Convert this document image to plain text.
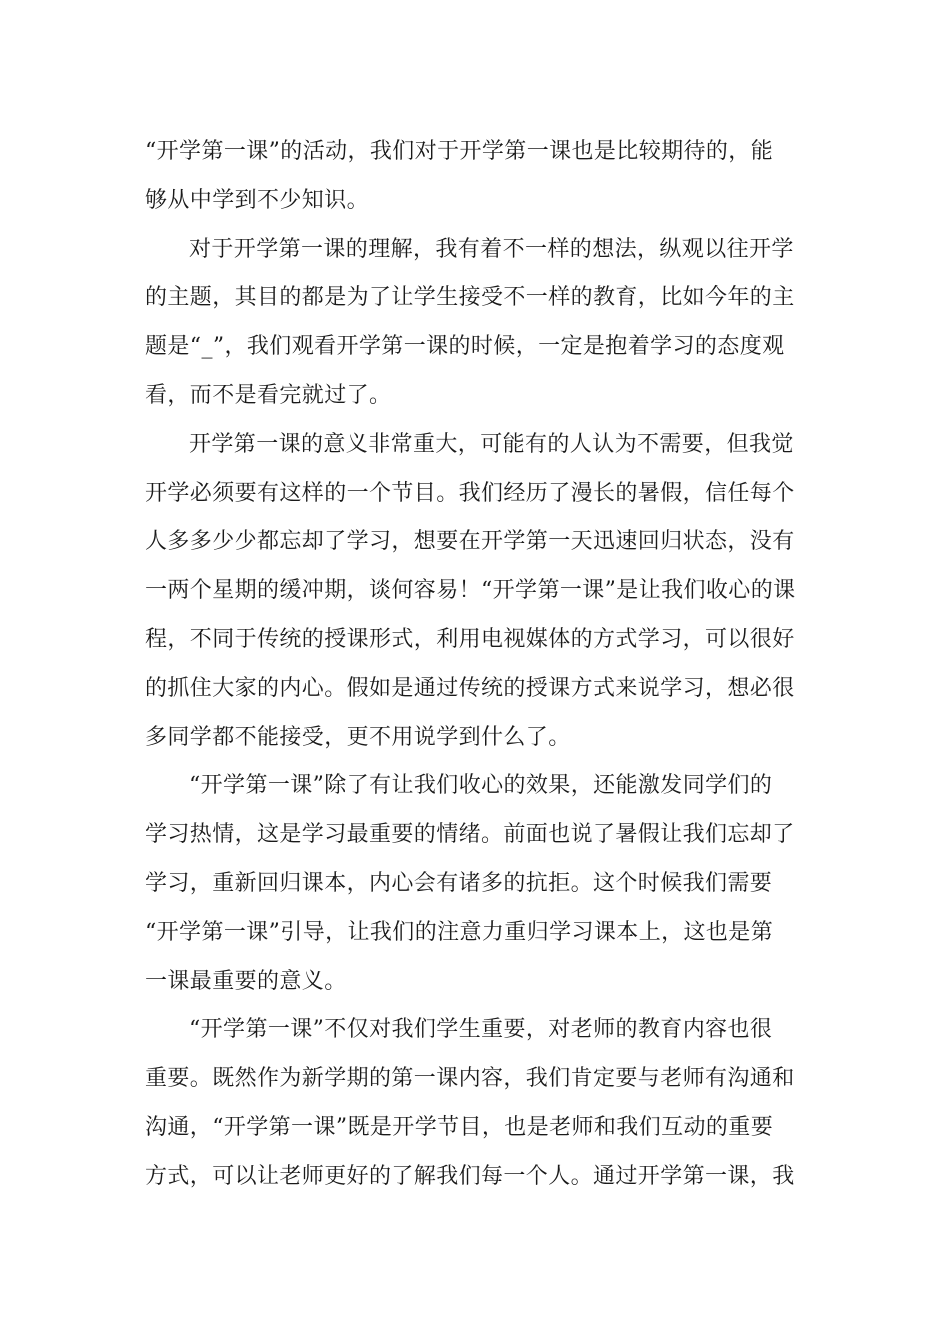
“开学第一课”的活动，我们对于开学第一课也是比较期待的，能
够从中学到不少知识。

对于开学第一课的理解，我有着不一样的想法，纵观以往开学
的主题，其目的都是为了让学生接受不一样的教育，比如今年的主
题是“_”，我们观看开学第一课的时候，一定是抱着学习的态度观
看，而不是看完就过了。

开学第一课的意义非常重大，可能有的人认为不需要，但我觉
开学必须要有这样的一个节目。我们经历了漫长的暑假，信任每个
人多多少少都忘却了学习，想要在开学第一天迅速回归状态，没有
一两个星期的缓冲期，谈何容易！“开学第一课”是让我们收心的课
程，不同于传统的授课形式，利用电视媒体的方式学习，可以很好
的抓住大家的内心。假如是通过传统的授课方式来说学习，想必很
多同学都不能接受，更不用说学到什么了。

“开学第一课”除了有让我们收心的效果，还能激发同学们的
学习热情，这是学习最重要的情绪。前面也说了暑假让我们忘却了
学习，重新回归课本，内心会有诸多的抗拒。这个时候我们需要
“开学第一课”引导，让我们的注意力重归学习课本上，这也是第
一课最重要的意义。

“开学第一课”不仅对我们学生重要，对老师的教育内容也很
重要。既然作为新学期的第一课内容，我们肯定要与老师有沟通和
沟通，“开学第一课”既是开学节目，也是老师和我们互动的重要
方式，可以让老师更好的了解我们每一个人。通过开学第一课，我
